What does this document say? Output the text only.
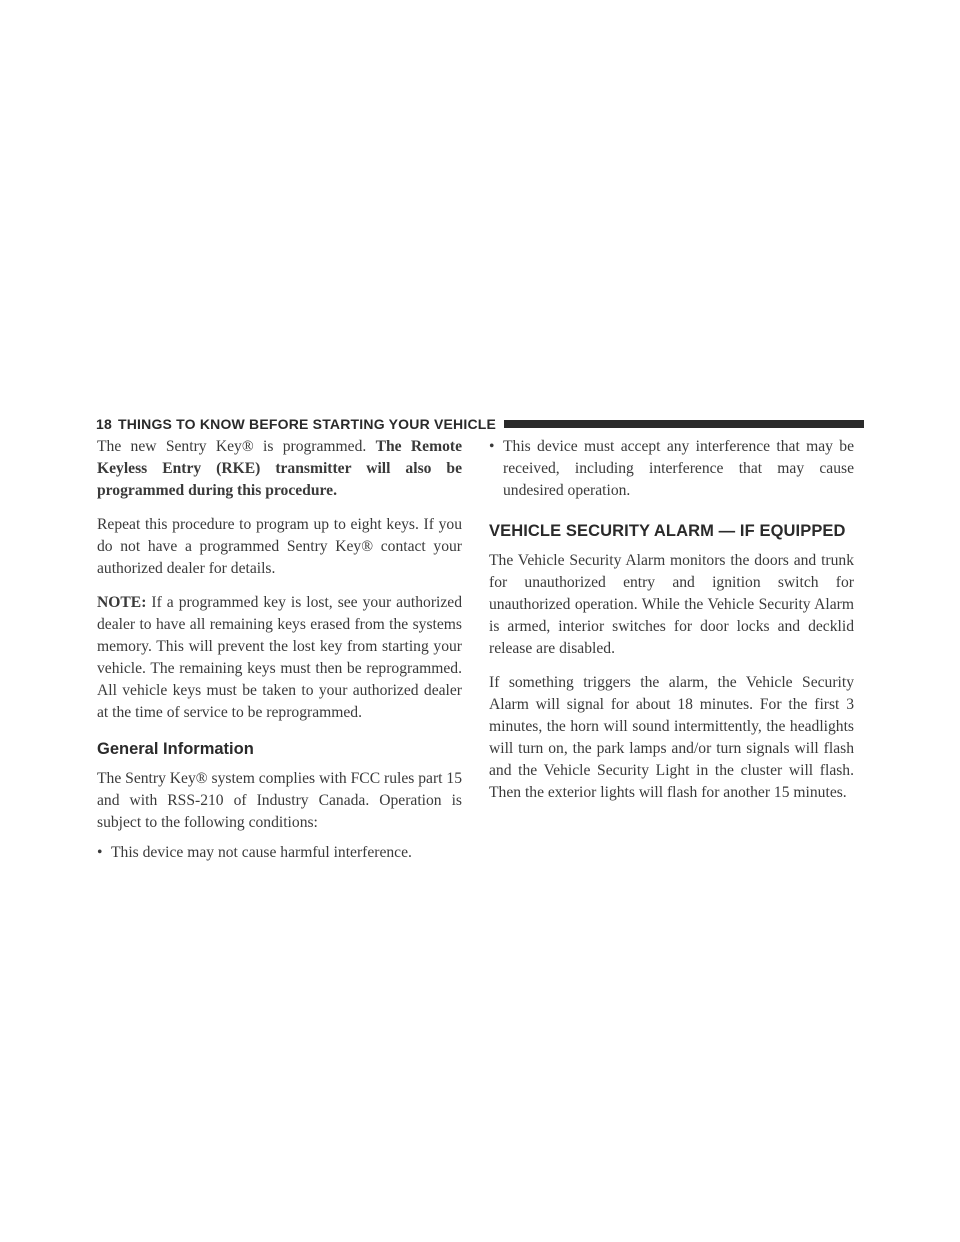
18 THINGS TO KNOW BEFORE STARTING YOUR VEHICLE

The new Sentry Key® is programmed. The Remote Keyless Entry (RKE) transmitter will also be programmed during this procedure.

Repeat this procedure to program up to eight keys. If you do not have a programmed Sentry Key® contact your authorized dealer for details.

NOTE: If a programmed key is lost, see your authorized dealer to have all remaining keys erased from the systems memory. This will prevent the lost key from starting your vehicle. The remaining keys must then be reprogrammed. All vehicle keys must be taken to your authorized dealer at the time of service to be reprogrammed.

General Information

The Sentry Key® system complies with FCC rules part 15 and with RSS-210 of Industry Canada. Operation is subject to the following conditions:

• This device may not cause harmful interference.
• This device must accept any interference that may be received, including interference that may cause undesired operation.
VEHICLE SECURITY ALARM — IF EQUIPPED

The Vehicle Security Alarm monitors the doors and trunk for unauthorized entry and ignition switch for unauthorized operation. While the Vehicle Security Alarm is armed, interior switches for door locks and decklid release are disabled.

If something triggers the alarm, the Vehicle Security Alarm will signal for about 18 minutes. For the first 3 minutes, the horn will sound intermittently, the headlights will turn on, the park lamps and/or turn signals will flash and the Vehicle Security Light in the cluster will flash. Then the exterior lights will flash for another 15 minutes.
